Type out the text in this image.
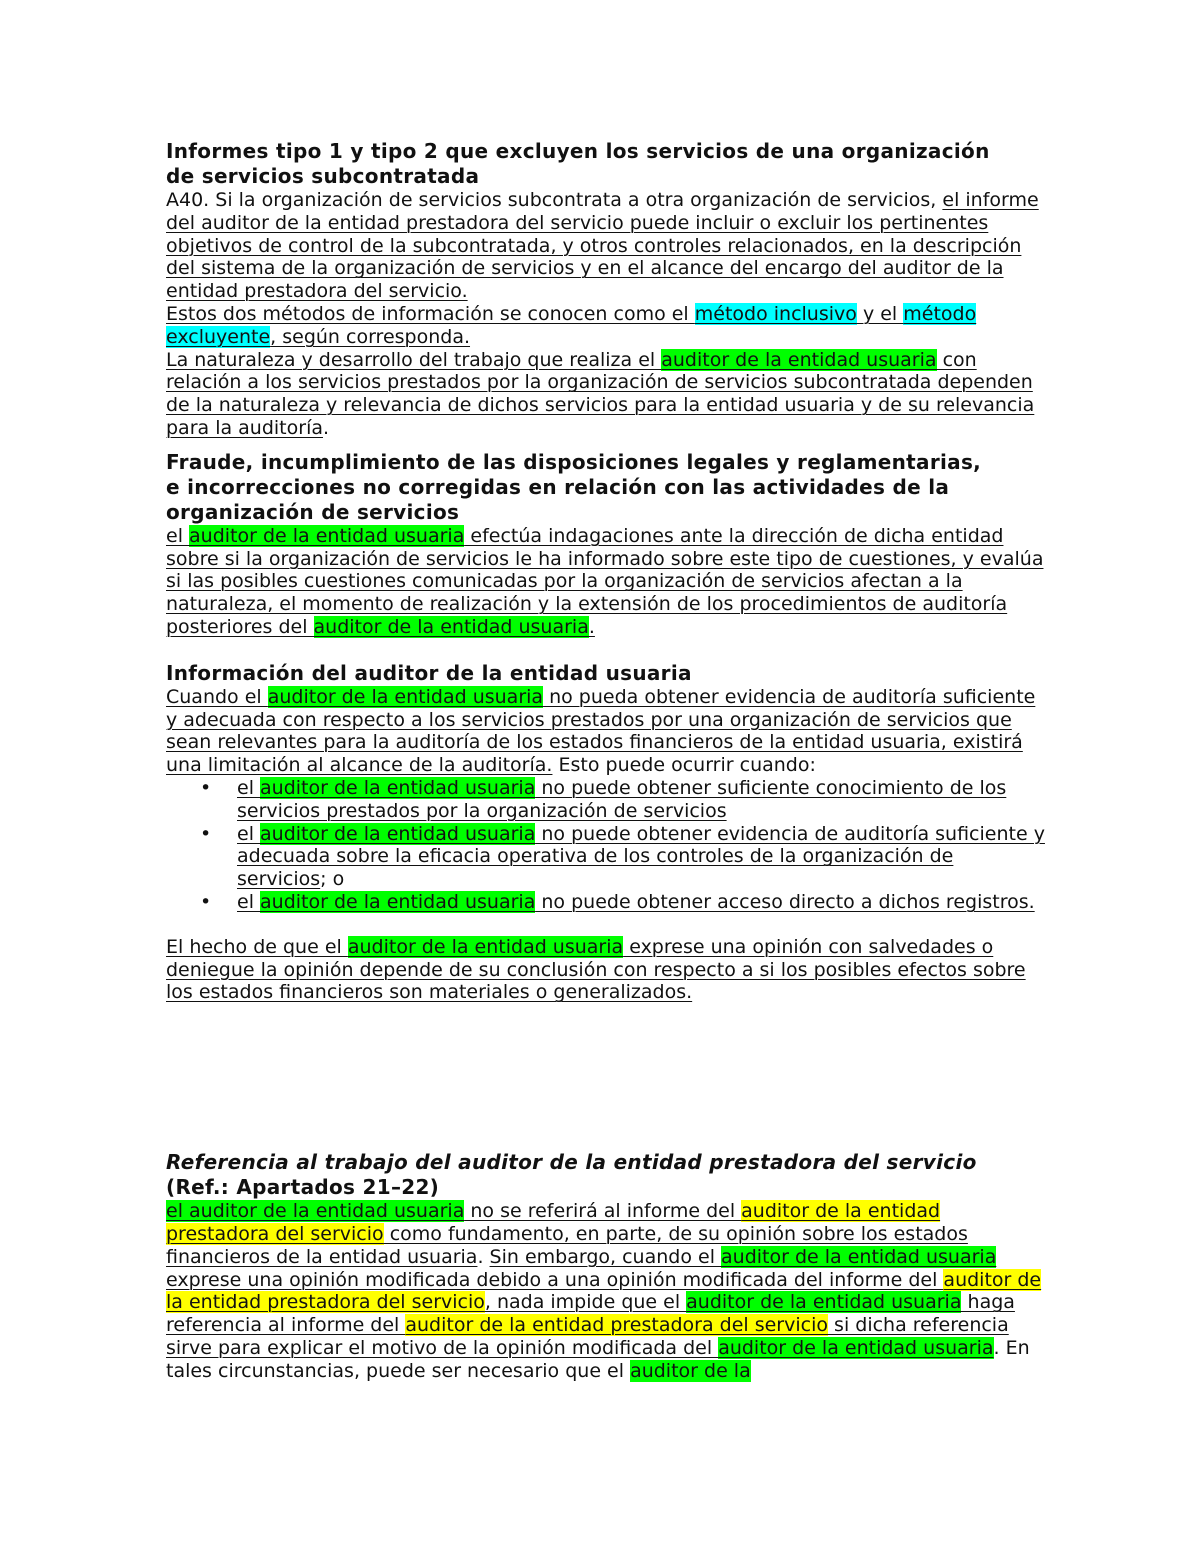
Informes tipo 1 y tipo 2 que excluyen los servicios de una organización
de servicios subcontratada

A40. Si la organización de servicios subcontrata a otra organización de servicios, el informe del auditor de la entidad prestadora del servicio puede incluir o excluir los pertinentes objetivos de control de la subcontratada, y otros controles relacionados, en la descripción del sistema de la organización de servicios y en el alcance del encargo del auditor de la entidad prestadora del servicio.

Estos dos métodos de información se conocen como el método inclusivo y el método excluyente, según corresponda.

La naturaleza y desarrollo del trabajo que realiza el auditor de la entidad usuaria con relación a los servicios prestados por la organización de servicios subcontratada dependen de la naturaleza y relevancia de dichos servicios para la entidad usuaria y de su relevancia para la auditoría.

Fraude, incumplimiento de las disposiciones legales y reglamentarias,
e incorrecciones no corregidas en relación con las actividades de la
organización de servicios

el auditor de la entidad usuaria efectúa indagaciones ante la dirección de dicha entidad sobre si la organización de servicios le ha informado sobre este tipo de cuestiones, y evalúa si las posibles cuestiones comunicadas por la organización de servicios afectan a la naturaleza, el momento de realización y la extensión de los procedimientos de auditoría posteriores del auditor de la entidad usuaria.

Información del auditor de la entidad usuaria

Cuando el auditor de la entidad usuaria no pueda obtener evidencia de auditoría suficiente y adecuada con respecto a los servicios prestados por una organización de servicios que sean relevantes para la auditoría de los estados financieros de la entidad usuaria, existirá una limitación al alcance de la auditoría. Esto puede ocurrir cuando:

• el auditor de la entidad usuaria no puede obtener suficiente conocimiento de los servicios prestados por la organización de servicios
• el auditor de la entidad usuaria no puede obtener evidencia de auditoría suficiente y adecuada sobre la eficacia operativa de los controles de la organización de servicios; o
• el auditor de la entidad usuaria no puede obtener acceso directo a dichos registros.

El hecho de que el auditor de la entidad usuaria exprese una opinión con salvedades o deniegue la opinión depende de su conclusión con respecto a si los posibles efectos sobre los estados financieros son materiales o generalizados.

Referencia al trabajo del auditor de la entidad prestadora del servicio
(Ref.: Apartados 21–22)

el auditor de la entidad usuaria no se referirá al informe del auditor de la entidad prestadora del servicio como fundamento, en parte, de su opinión sobre los estados financieros de la entidad usuaria. Sin embargo, cuando el auditor de la entidad usuaria exprese una opinión modificada debido a una opinión modificada del informe del auditor de la entidad prestadora del servicio, nada impide que el auditor de la entidad usuaria haga referencia al informe del auditor de la entidad prestadora del servicio si dicha referencia sirve para explicar el motivo de la opinión modificada del auditor de la entidad usuaria. En tales circunstancias, puede ser necesario que el auditor de la
